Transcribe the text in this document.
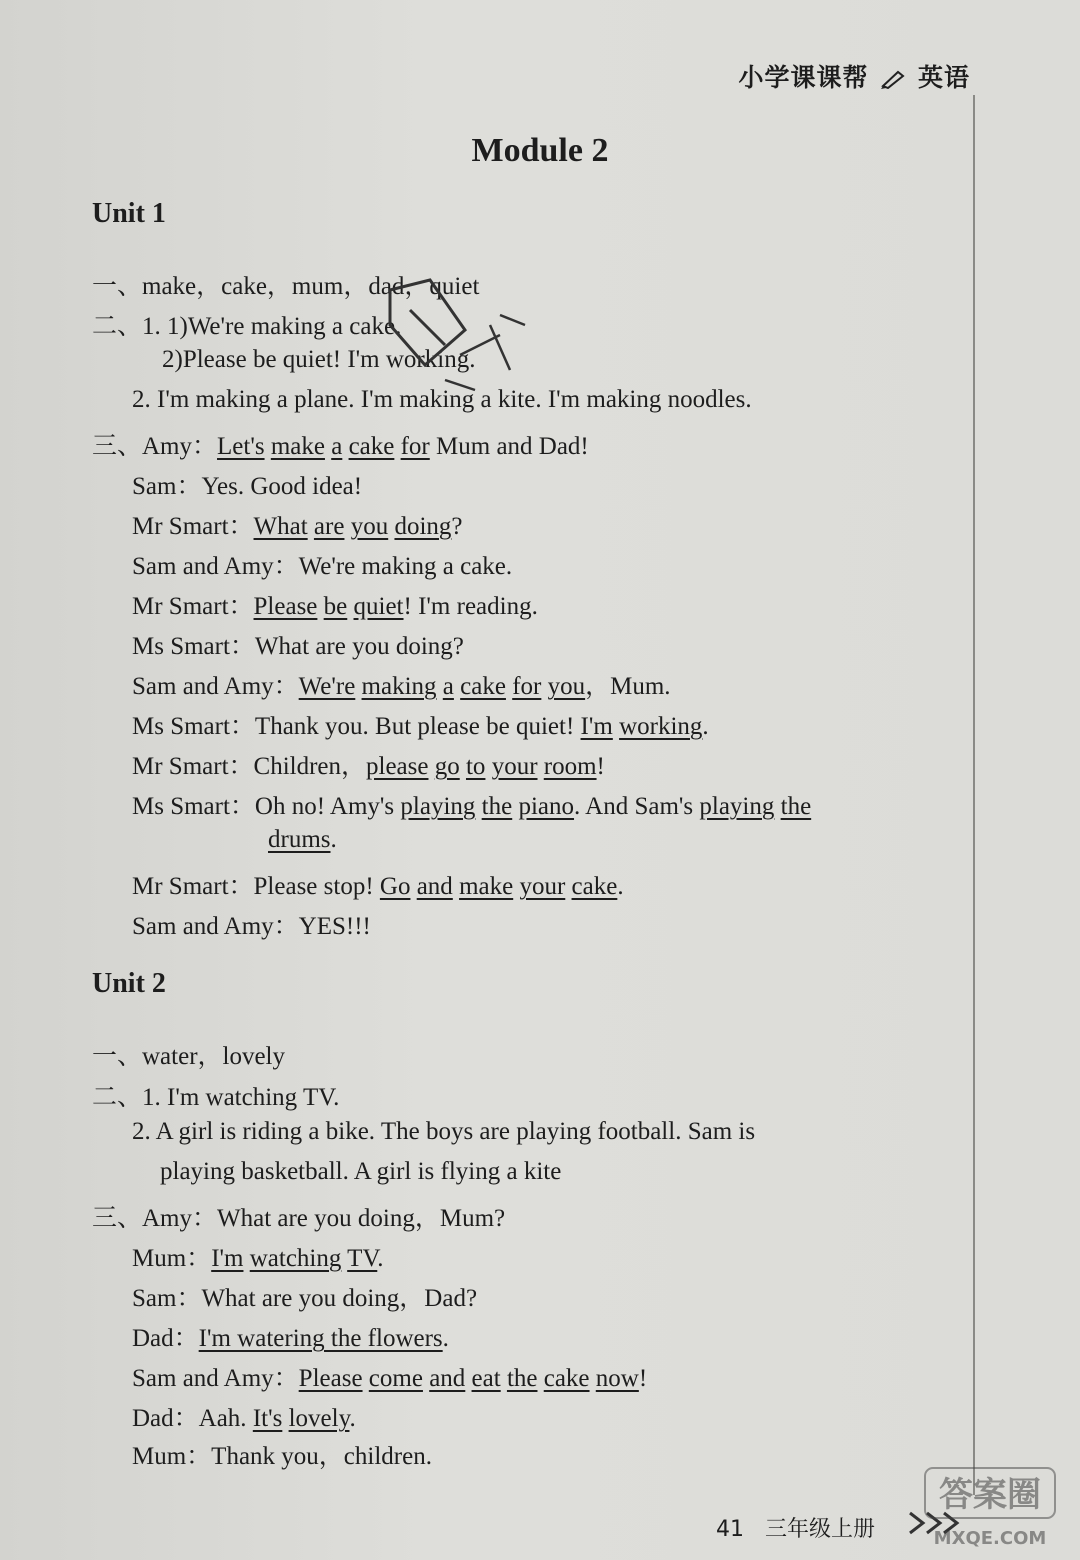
小学课课帮 英语
Module 2
Unit 1
一、make，cake，mum，dad，quiet
二、1. 1)We're making a cake.
2)Please be quiet! I'm working.
2. I'm making a plane. I'm making a kite. I'm making noodles.
三、Amy：Let's make a cake for Mum and Dad!
Sam：Yes. Good idea!
Mr Smart：What are you doing?
Sam and Amy：We're making a cake.
Mr Smart：Please be quiet! I'm reading.
Ms Smart：What are you doing?
Sam and Amy：We're making a cake for you，Mum.
Ms Smart：Thank you. But please be quiet! I'm working.
Mr Smart：Children，please go to your room!
Ms Smart：Oh no! Amy's playing the piano. And Sam's playing the
drums.
Mr Smart：Please stop! Go and make your cake.
Sam and Amy：YES!!!
Unit 2
一、water，lovely
二、1. I'm watching TV.
2. A girl is riding a bike. The boys are playing football. Sam is
playing basketball. A girl is flying a kite
三、Amy：What are you doing，Mum?
Mum：I'm watching TV.
Sam：What are you doing，Dad?
Dad：I'm watering the flowers.
Sam and Amy：Please come and eat the cake now!
Dad：Aah. It's lovely.
Mum：Thank you，children.
41 三年级上册
答案圈
MXQE.COM
